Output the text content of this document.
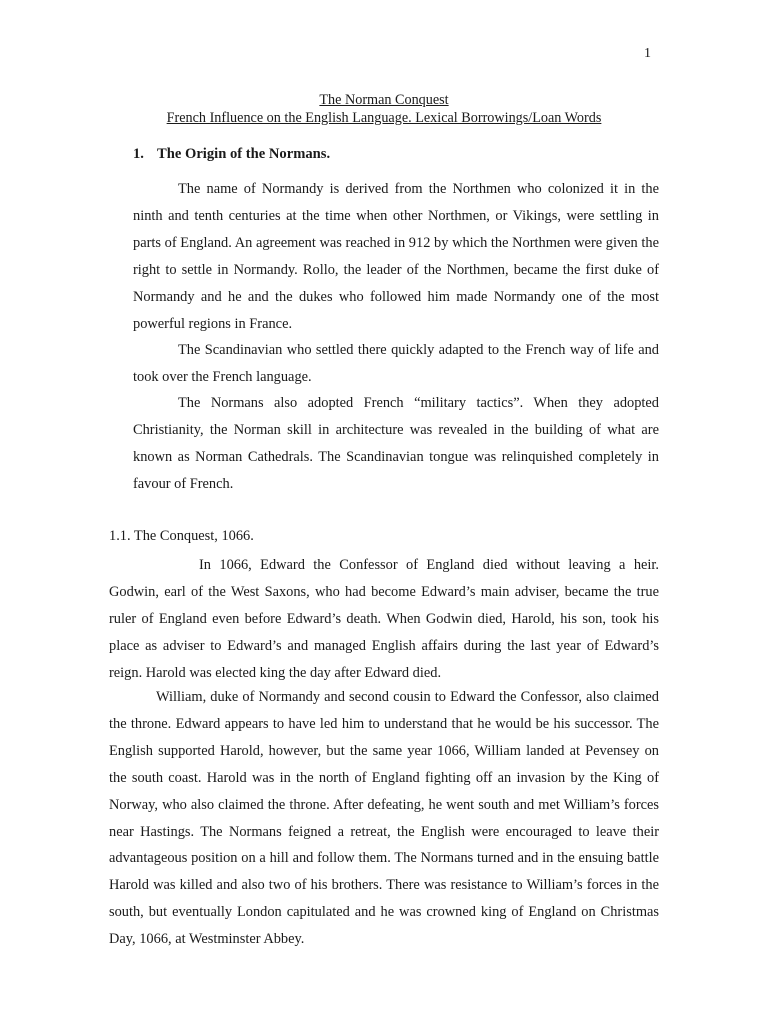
1
The Norman Conquest
French Influence on the English Language. Lexical Borrowings/Loan Words
1. The Origin of the Normans.

The name of Normandy is derived from the Northmen who colonized it in the ninth and tenth centuries at the time when other Northmen, or Vikings, were settling in parts of England. An agreement was reached in 912 by which the Northmen were given the right to settle in Normandy. Rollo, the leader of the Northmen, became the first duke of Normandy and he and the dukes who followed him made Normandy one of the most powerful regions in France.

The Scandinavian who settled there quickly adapted to the French way of life and took over the French language.

The Normans also adopted French “military tactics”. When they adopted Christianity, the Norman skill in architecture was revealed in the building of what are known as Norman Cathedrals. The Scandinavian tongue was relinquished completely in favour of French.

1.1. The Conquest, 1066.

In 1066, Edward the Confessor of England died without leaving a heir. Godwin, earl of the West Saxons, who had become Edward’s main adviser, became the true ruler of England even before Edward’s death. When Godwin died, Harold, his son, took his place as adviser to Edward’s and managed English affairs during the last year of Edward’s reign. Harold was elected king the day after Edward died.

William, duke of Normandy and second cousin to Edward the Confessor, also claimed the throne. Edward appears to have led him to understand that he would be his successor. The English supported Harold, however, but the same year 1066, William landed at Pevensey on the south coast. Harold was in the north of England fighting off an invasion by the King of Norway, who also claimed the throne. After defeating, he went south and met William’s forces near Hastings. The Normans feigned a retreat, the English were encouraged to leave their advantageous position on a hill and follow them. The Normans turned and in the ensuing battle Harold was killed and also two of his brothers. There was resistance to William’s forces in the south, but eventually London capitulated and he was crowned king of England on Christmas Day, 1066, at Westminster Abbey.
